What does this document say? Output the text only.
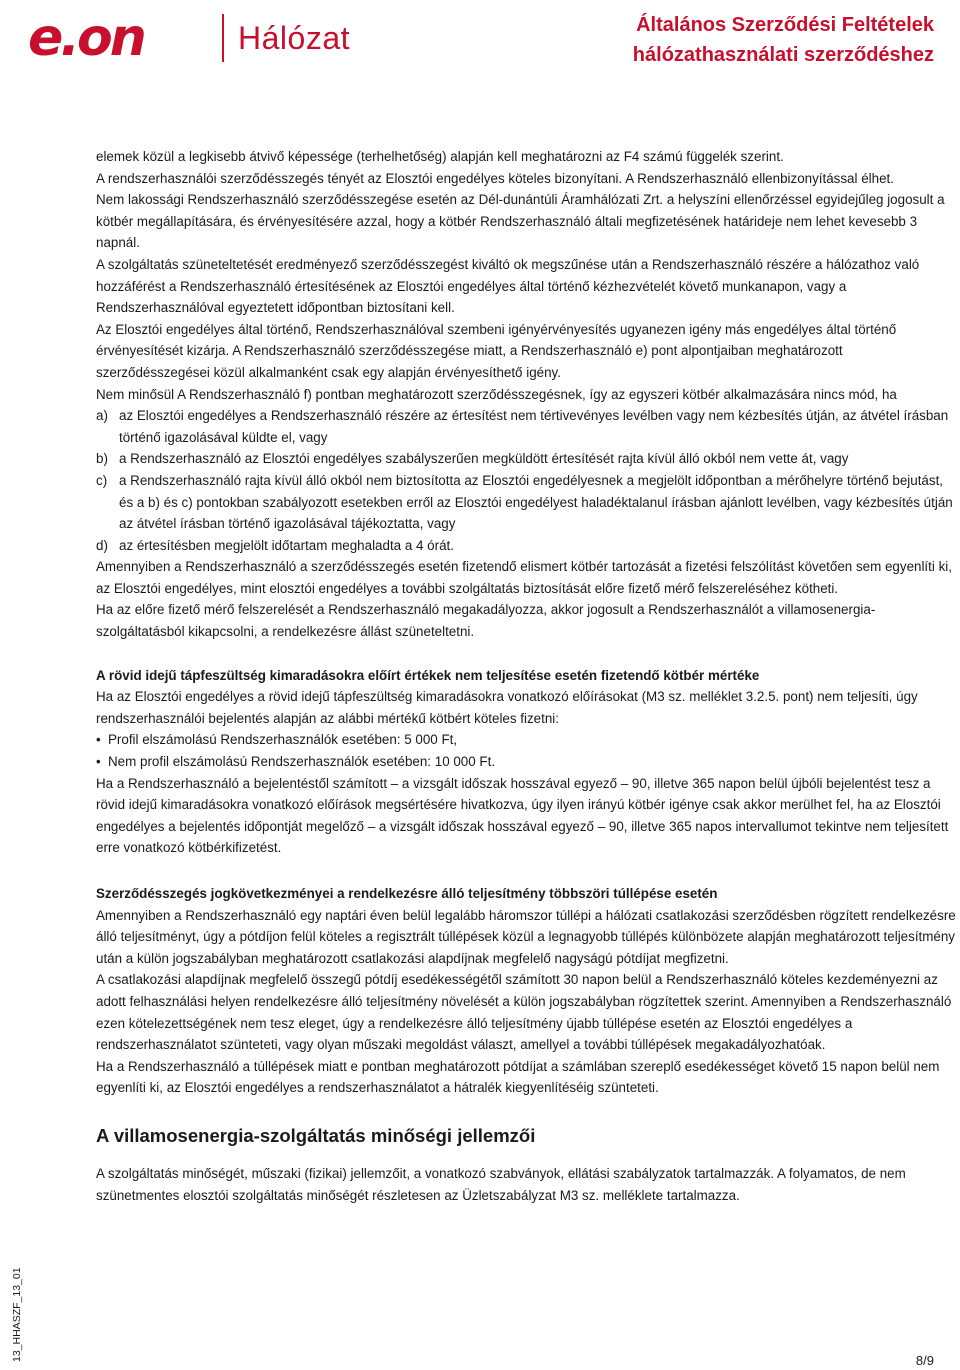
e.on	Hálózat	Általános Szerződési Feltételek
hálózathasználati szerződéshez

elemek közül a legkisebb átvivő képessége (terhelhetőség) alapján kell meghatározni az F4 számú függelék szerint.

A rendszerhasználói szerződésszegés tényét az Elosztói engedélyes köteles bizonyítani. A Rendszerhasználó ellenbizonyítással élhet.

Nem lakossági Rendszerhasználó szerződésszegése esetén az Dél-dunántúli Áramhálózati Zrt. a helyszíni ellenőrzéssel egyidejűleg jogosult a kötbér megállapítására, és érvényesítésére azzal, hogy a kötbér Rendszerhasználó általi megfizetésének határideje nem lehet kevesebb 3 napnál.

A szolgáltatás szüneteltetését eredményező szerződésszegést kiváltó ok megszűnése után a Rendszerhasználó részére a hálózathoz való hozzáférést a Rendszerhasználó értesítésének az Elosztói engedélyes által történő kézhezvételét követő munkanapon, vagy a Rendszerhasználóval egyeztetett időpontban biztosítani kell.

Az Elosztói engedélyes által történő, Rendszerhasználóval szembeni igényérvényesítés ugyanezen igény más engedélyes által történő érvényesítését kizárja. A Rendszerhasználó szerződésszegése miatt, a Rendszerhasználó e) pont alpontjaiban meghatározott szerződésszegései közül alkalmanként csak egy alapján érvényesíthető igény.

Nem minősül A Rendszerhasználó f) pontban meghatározott szerződésszegésnek, így az egyszeri kötbér alkalmazására nincs mód, ha

a) az Elosztói engedélyes a Rendszerhasználó részére az értesítést nem tértivevényes levélben vagy nem kézbesítés útján, az átvétel írásban történő igazolásával küldte el, vagy
b) a Rendszerhasználó az Elosztói engedélyes szabályszerűen megküldött értesítését rajta kívül álló okból nem vette át, vagy
c) a Rendszerhasználó rajta kívül álló okból nem biztosította az Elosztói engedélyesnek a megjelölt időpontban a mérőhelyre történő bejutást, és a b) és c) pontokban szabályozott esetekben erről az Elosztói engedélyest haladéktalanul írásban ajánlott levélben, vagy kézbesítés útján az átvétel írásban történő igazolásával tájékoztatta, vagy
d) az értesítésben megjelölt időtartam meghaladta a 4 órát.

Amennyiben a Rendszerhasználó a szerződésszegés esetén fizetendő elismert kötbér tartozását a fizetési felszólítást követően sem egyenlíti ki, az Elosztói engedélyes, mint elosztói engedélyes a további szolgáltatás biztosítását előre fizető mérő felszereléséhez kötheti.

Ha az előre fizető mérő felszerelését a Rendszerhasználó megakadályozza, akkor jogosult a Rendszerhasználót a villamosenergia-szolgáltatásból kikapcsolni, a rendelkezésre állást szüneteltetni.

A rövid idejű tápfeszültség kimaradásokra előírt értékek nem teljesítése esetén fizetendő kötbér mértéke

Ha az Elosztói engedélyes a rövid idejű tápfeszültség kimaradásokra vonatkozó előírásokat (M3 sz. melléklet 3.2.5. pont) nem teljesíti, úgy rendszerhasználói bejelentés alapján az alábbi mértékű kötbért köteles fizetni:

• Profil elszámolású Rendszerhasználók esetében: 5 000 Ft,
• Nem profil elszámolású Rendszerhasználók esetében: 10 000 Ft.

Ha a Rendszerhasználó a bejelentéstől számított – a vizsgált időszak hosszával egyező – 90, illetve 365 napon belül újbóli bejelentést tesz a rövid idejű kimaradásokra vonatkozó előírások megsértésére hivatkozva, úgy ilyen irányú kötbér igénye csak akkor merülhet fel, ha az Elosztói engedélyes a bejelentés időpontját megelőző – a vizsgált időszak hosszával egyező – 90, illetve 365 napos intervallumot tekintve nem teljesített erre vonatkozó kötbérkifizetést.

Szerződésszegés jogkövetkezményei a rendelkezésre álló teljesítmény többszöri túllépése esetén

Amennyiben a Rendszerhasználó egy naptári éven belül legalább háromszor túllépi a hálózati csatlakozási szerződésben rögzített rendelkezésre álló teljesítményt, úgy a pótdíjon felül köteles a regisztrált túllépések közül a legnagyobb túllépés különbözete alapján meghatározott teljesítmény után a külön jogszabályban meghatározott csatlakozási alapdíjnak megfelelő nagyságú pótdíjat megfizetni.

A csatlakozási alapdíjnak megfelelő összegű pótdíj esedékességétől számított 30 napon belül a Rendszerhasználó köteles kezdeményezni az adott felhasználási helyen rendelkezésre álló teljesítmény növelését a külön jogszabályban rögzítettek szerint. Amennyiben a Rendszerhasználó ezen kötelezettségének nem tesz eleget, úgy a rendelkezésre álló teljesítmény újabb túllépése esetén az Elosztói engedélyes a rendszerhasználatot szünteteti, vagy olyan műszaki megoldást választ, amellyel a további túllépések megakadályozhatóak.

Ha a Rendszerhasználó a túllépések miatt e pontban meghatározott pótdíjat a számlában szereplő esedékességet követő 15 napon belül nem egyenlíti ki, az Elosztói engedélyes a rendszerhasználatot a hátralék kiegyenlítéséig szünteteti.

A villamosenergia-szolgáltatás minőségi jellemzői

A szolgáltatás minőségét, műszaki (fizikai) jellemzőit, a vonatkozó szabványok, ellátási szabályzatok tartalmazzák. A folyamatos, de nem szünetmentes elosztói szolgáltatás minőségét részletesen az Üzletszabályzat M3 sz. melléklete tartalmazza.

13_HHASZF_13_01	8/9
